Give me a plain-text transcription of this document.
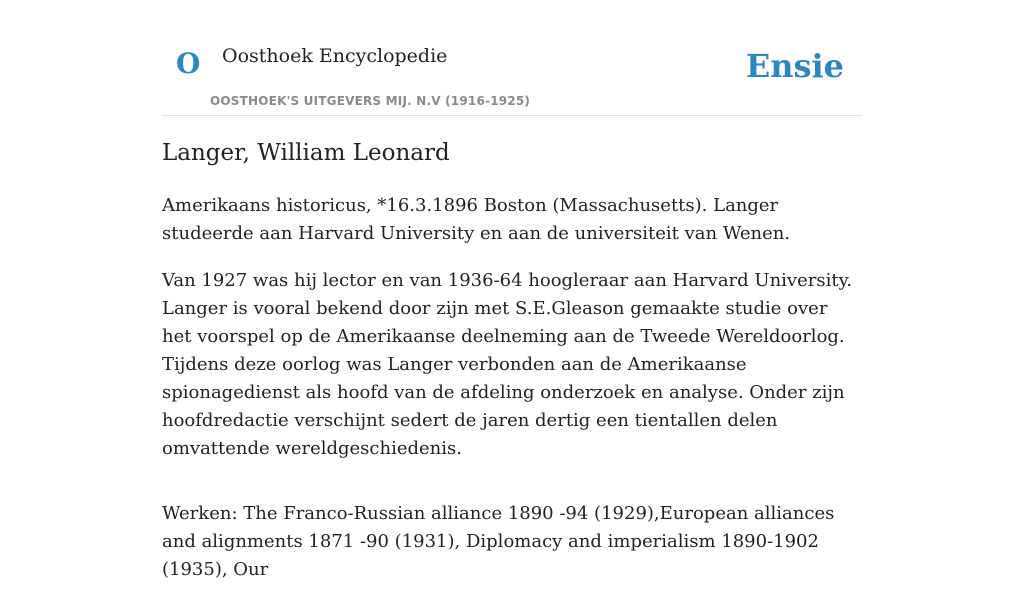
O Oosthoek Encyclopedie
OOSTHOEK'S UITGEVERS MIJ. N.V (1916-1925)
Ensie
Langer, William Leonard

Amerikaans historicus, *16.3.1896 Boston (Massachusetts). Langer studeerde aan Harvard University en aan de universiteit van Wenen.

Van 1927 was hij lector en van 1936-64 hoogleraar aan Harvard University. Langer is vooral bekend door zijn met S.E.Gleason gemaakte studie over het voorspel op de Amerikaanse deelneming aan de Tweede Wereldoorlog. Tijdens deze oorlog was Langer verbonden aan de Amerikaanse spionagedienst als hoofd van de afdeling onderzoek en analyse. Onder zijn hoofdredactie verschijnt sedert de jaren dertig een tientallen delen omvattende wereldgeschiedenis.

Werken: The Franco-Russian alliance 1890 -94 (1929),European alliances and alignments 1871 -90 (1931), Diplomacy and imperialism 1890-1902 (1935), Our
